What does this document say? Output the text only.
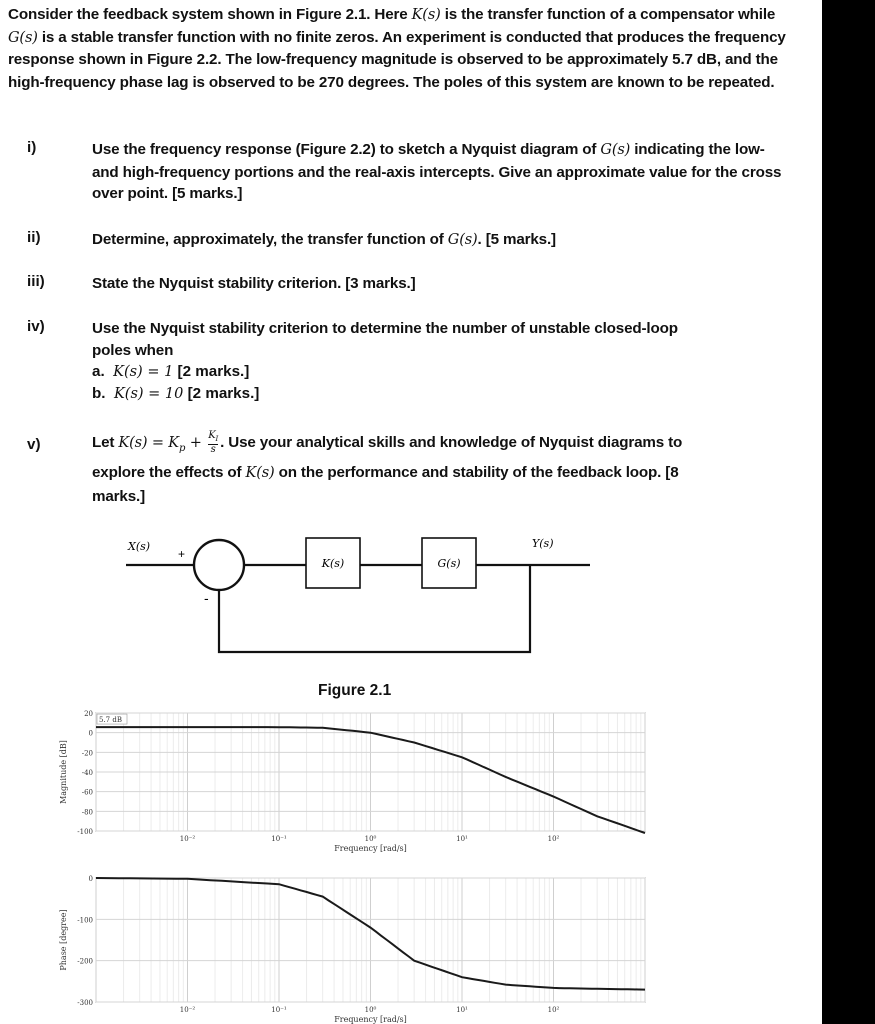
Consider the feedback system shown in Figure 2.1. Here K(s) is the transfer function of a compensator while G(s) is a stable transfer function with no finite zeros. An experiment is conducted that produces the frequency response shown in Figure 2.2. The low-frequency magnitude is observed to be approximately 5.7 dB, and the high-frequency phase lag is observed to be 270 degrees. The poles of this system are known to be repeated.

i)	Use the frequency response (Figure 2.2) to sketch a Nyquist diagram of G(s) indicating the low- and high-frequency portions and the real-axis intercepts. Give an approximate value for the cross over point. [5 marks.]
ii)	Determine, approximately, the transfer function of G(s). [5 marks.]
iii)	State the Nyquist stability criterion. [3 marks.]
iv)	Use the Nyquist stability criterion to determine the number of unstable closed-loop poles when
a. K(s) = 1 [2 marks.]
b. K(s) = 10 [2 marks.]
v)	Let $K(s) = K_p + \frac{K_I}{s}$ . Use your analytical skills and knowledge of Nyquist diagrams to explore the effects of K(s) on the performance and stability of the feedback loop. [8 marks.]
X(s)	Y(s)
+
-
K(s)	G(s)
Figure 2.1
20
0
-20
-40
-60
-80
-100
10⁻²	10⁻¹	10⁰	10¹	10²
Frequency [rad/s]
Magnitude [dB]
5.7 dB
0
-100
-200
-300
10⁻²	10⁻¹	10⁰	10¹	10²
Frequency [rad/s]
Phase [degree]
